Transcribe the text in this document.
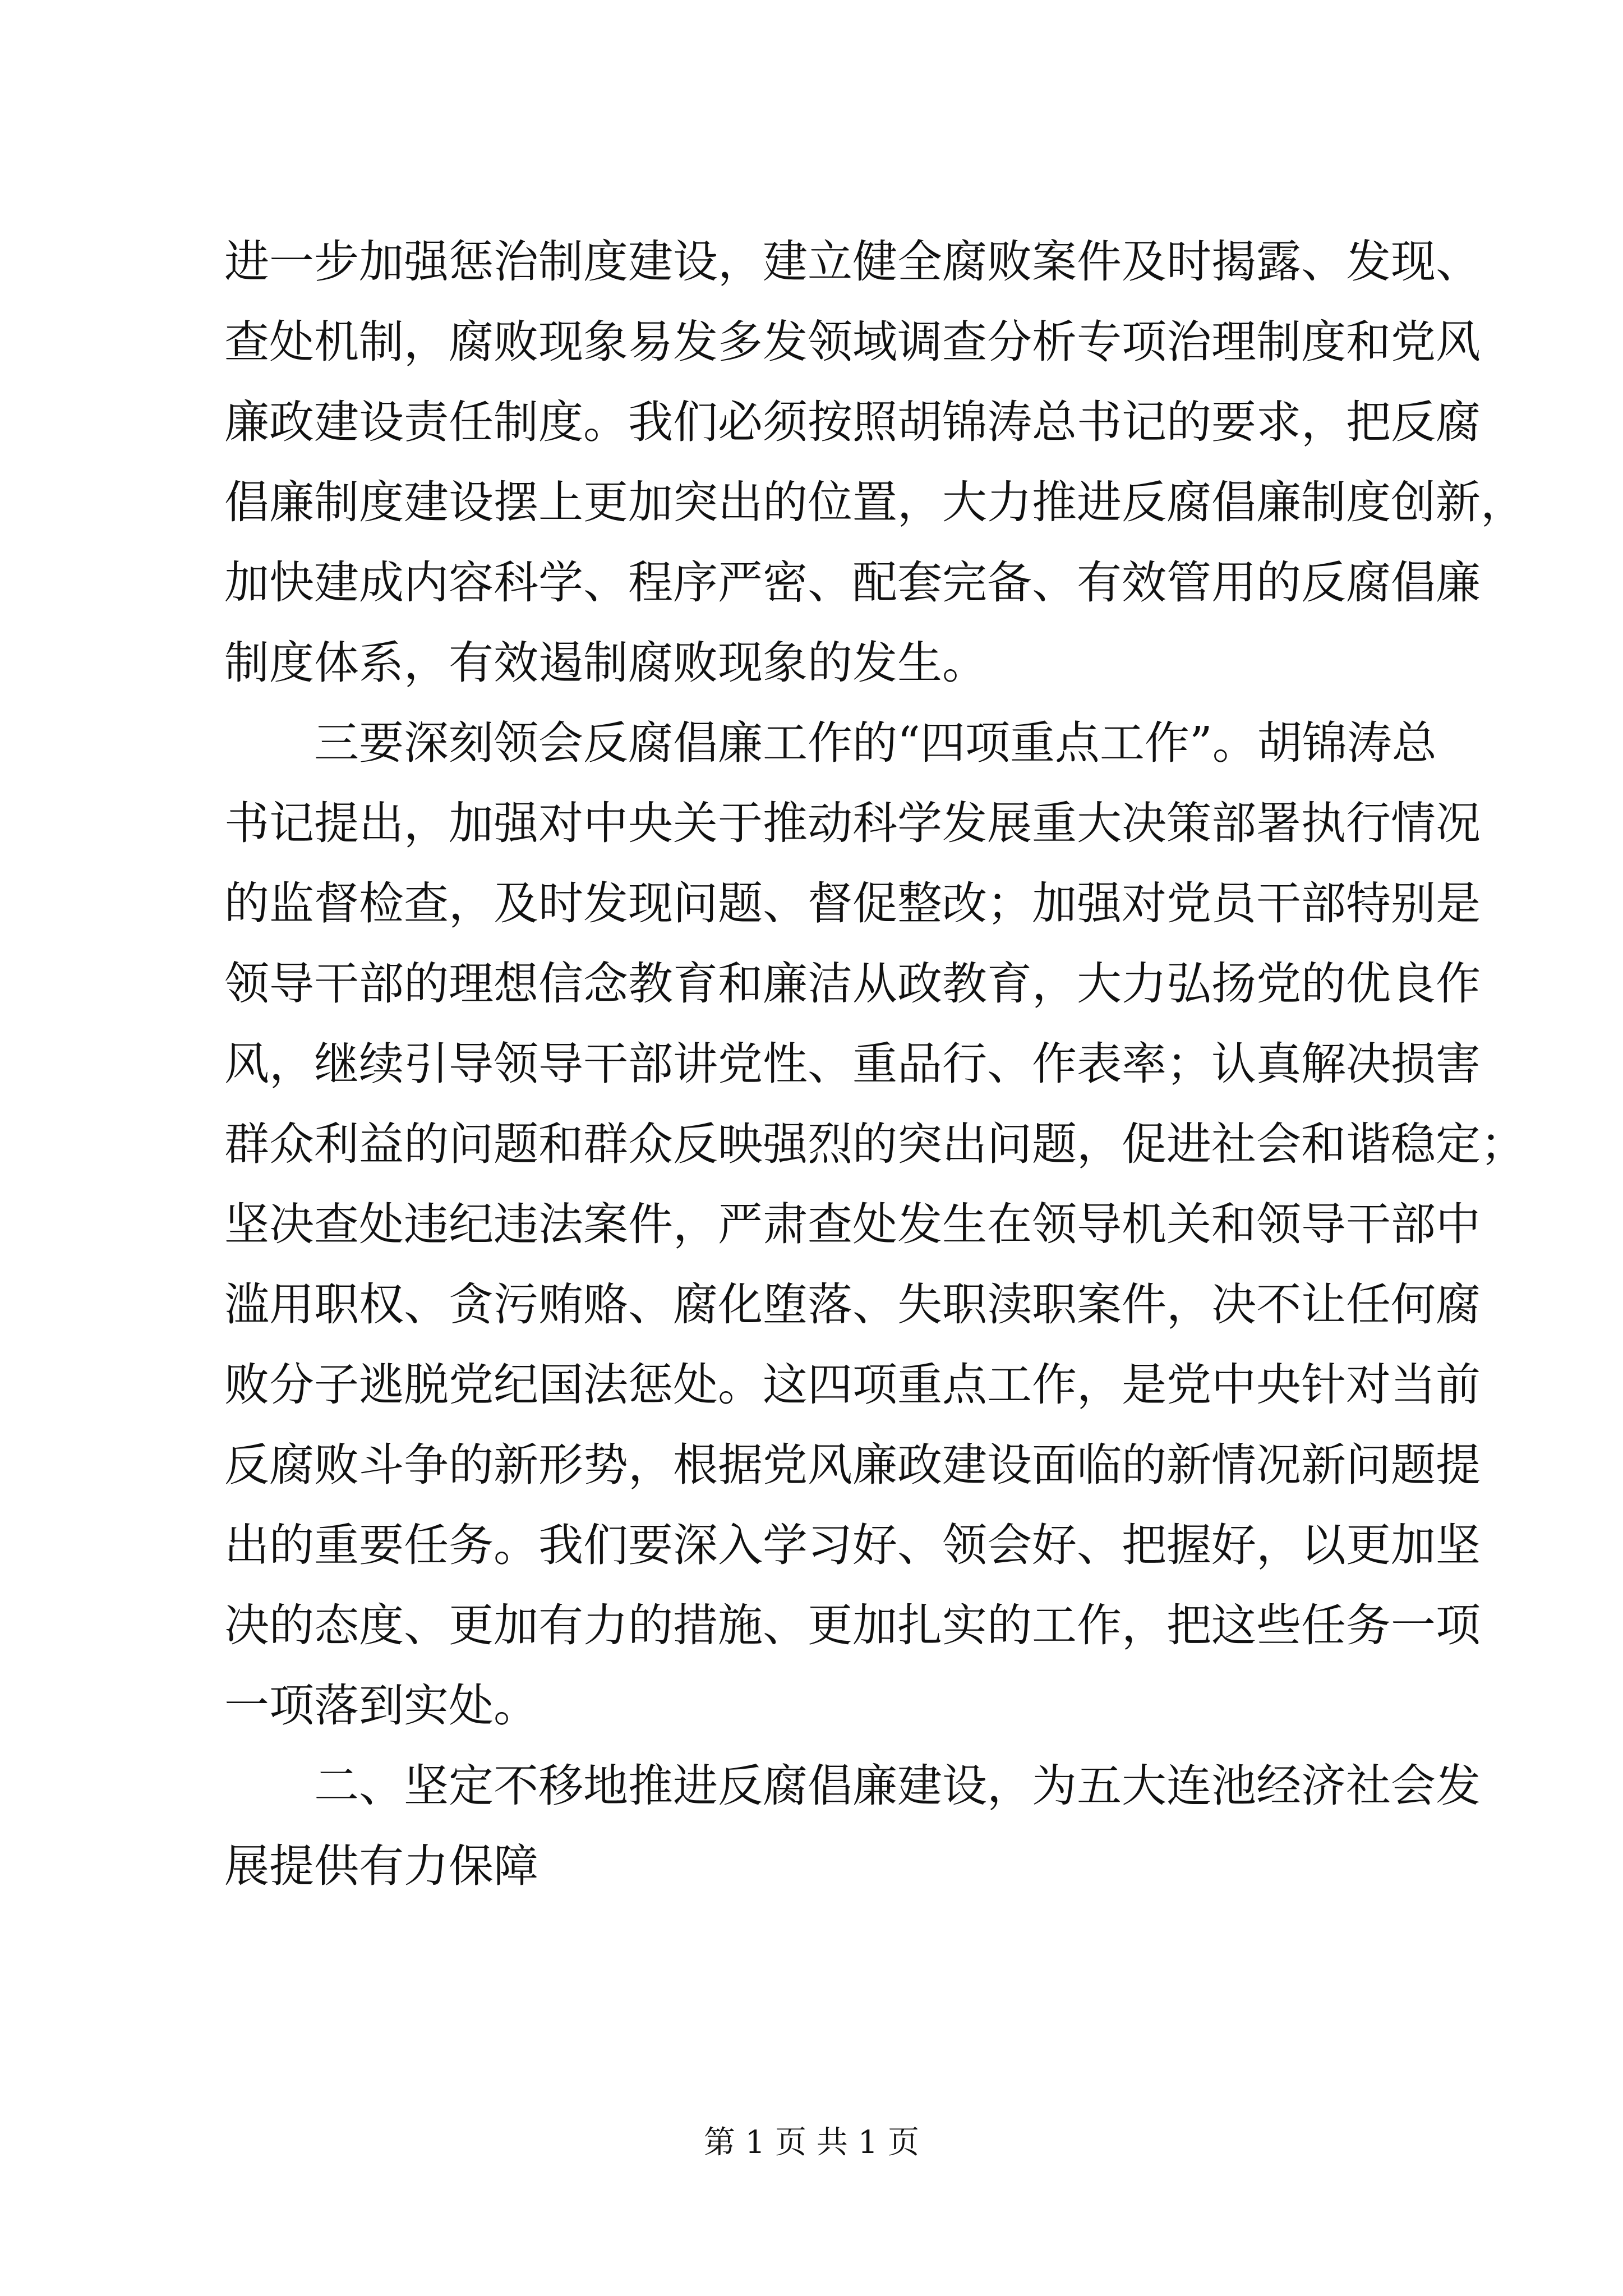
进一步加强惩治制度建设，建立健全腐败案件及时揭露、发现、
查处机制，腐败现象易发多发领域调查分析专项治理制度和党风
廉政建设责任制度。我们必须按照胡锦涛总书记的要求，把反腐
倡廉制度建设摆上更加突出的位置，大力推进反腐倡廉制度创新，
加快建成内容科学、程序严密、配套完备、有效管用的反腐倡廉
制度体系，有效遏制腐败现象的发生。
三要深刻领会反腐倡廉工作的“四项重点工作”。胡锦涛总
书记提出，加强对中央关于推动科学发展重大决策部署执行情况
的监督检查，及时发现问题、督促整改；加强对党员干部特别是
领导干部的理想信念教育和廉洁从政教育，大力弘扬党的优良作
风，继续引导领导干部讲党性、重品行、作表率；认真解决损害
群众利益的问题和群众反映强烈的突出问题，促进社会和谐稳定；
坚决查处违纪违法案件，严肃查处发生在领导机关和领导干部中
滥用职权、贪污贿赂、腐化堕落、失职渎职案件，决不让任何腐
败分子逃脱党纪国法惩处。这四项重点工作，是党中央针对当前
反腐败斗争的新形势，根据党风廉政建设面临的新情况新问题提
出的重要任务。我们要深入学习好、领会好、把握好，以更加坚
决的态度、更加有力的措施、更加扎实的工作，把这些任务一项
一项落到实处。
二、坚定不移地推进反腐倡廉建设，为五大连池经济社会发
展提供有力保障
第 1 页 共 1 页
